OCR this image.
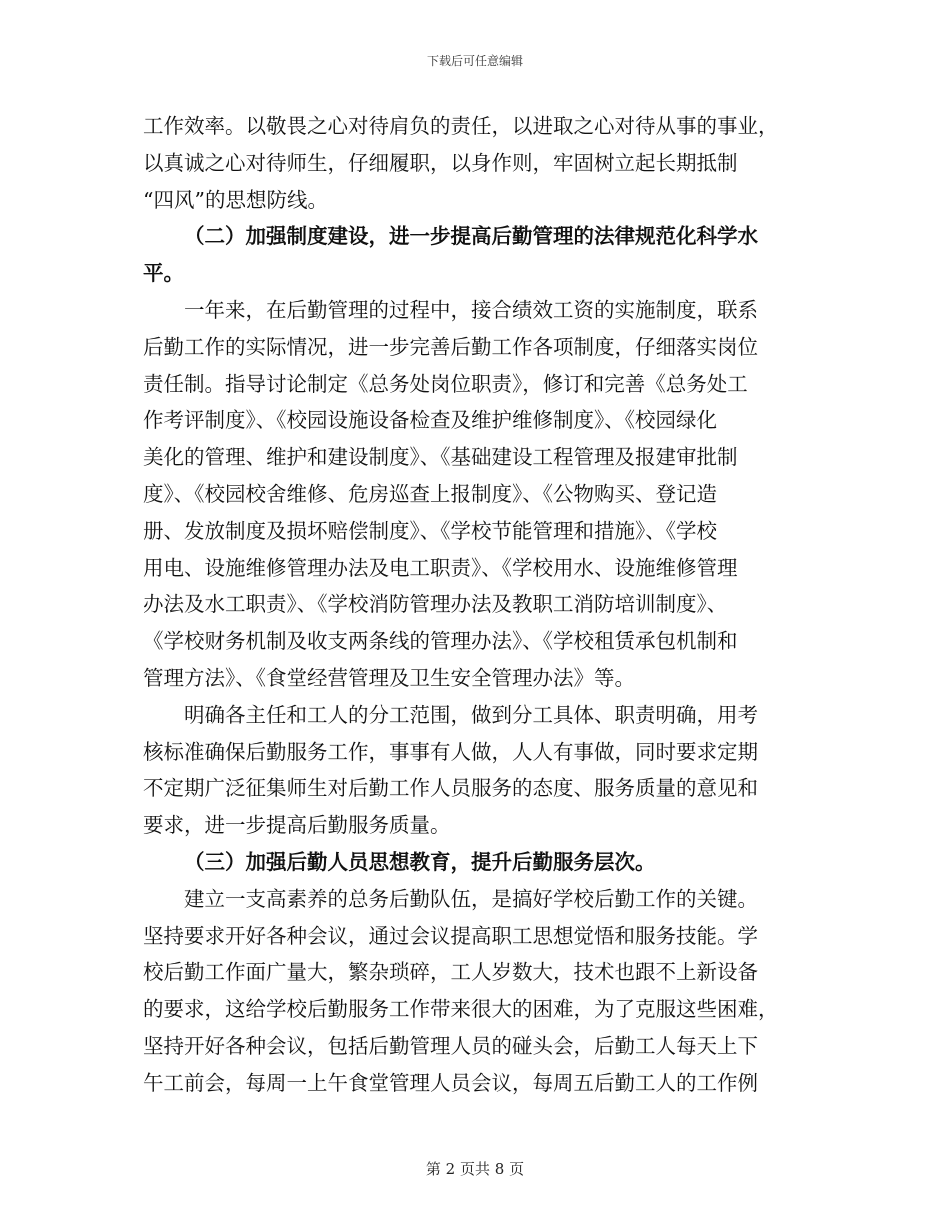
下载后可任意编辑
工作效率。以敬畏之心对待肩负的责任，以进取之心对待从事的事业，
以真诚之心对待师生，仔细履职，以身作则，牢固树立起长期抵制
“四风”的思想防线。
（二）加强制度建设，进一步提高后勤管理的法律规范化科学水
平。
一年来，在后勤管理的过程中，接合绩效工资的实施制度，联系
后勤工作的实际情况，进一步完善后勤工作各项制度，仔细落实岗位
责任制。指导讨论制定《总务处岗位职责》，修订和完善《总务处工
作考评制度》、《校园设施设备检查及维护维修制度》、《校园绿化
美化的管理、维护和建设制度》、《基础建设工程管理及报建审批制
度》、《校园校舍维修、危房巡查上报制度》、《公物购买、登记造
册、发放制度及损坏赔偿制度》、《学校节能管理和措施》、《学校
用电、设施维修管理办法及电工职责》、《学校用水、设施维修管理
办法及水工职责》、《学校消防管理办法及教职工消防培训制度》、
《学校财务机制及收支两条线的管理办法》、《学校租赁承包机制和
管理方法》、《食堂经营管理及卫生安全管理办法》等。
明确各主任和工人的分工范围，做到分工具体、职责明确，用考
核标准确保后勤服务工作，事事有人做，人人有事做，同时要求定期
不定期广泛征集师生对后勤工作人员服务的态度、服务质量的意见和
要求，进一步提高后勤服务质量。
（三）加强后勤人员思想教育，提升后勤服务层次。
建立一支高素养的总务后勤队伍，是搞好学校后勤工作的关键。
坚持要求开好各种会议，通过会议提高职工思想觉悟和服务技能。学
校后勤工作面广量大，繁杂琐碎，工人岁数大，技术也跟不上新设备
的要求，这给学校后勤服务工作带来很大的困难，为了克服这些困难，
坚持开好各种会议，包括后勤管理人员的碰头会，后勤工人每天上下
午工前会，每周一上午食堂管理人员会议，每周五后勤工人的工作例
第 2 页共 8 页
